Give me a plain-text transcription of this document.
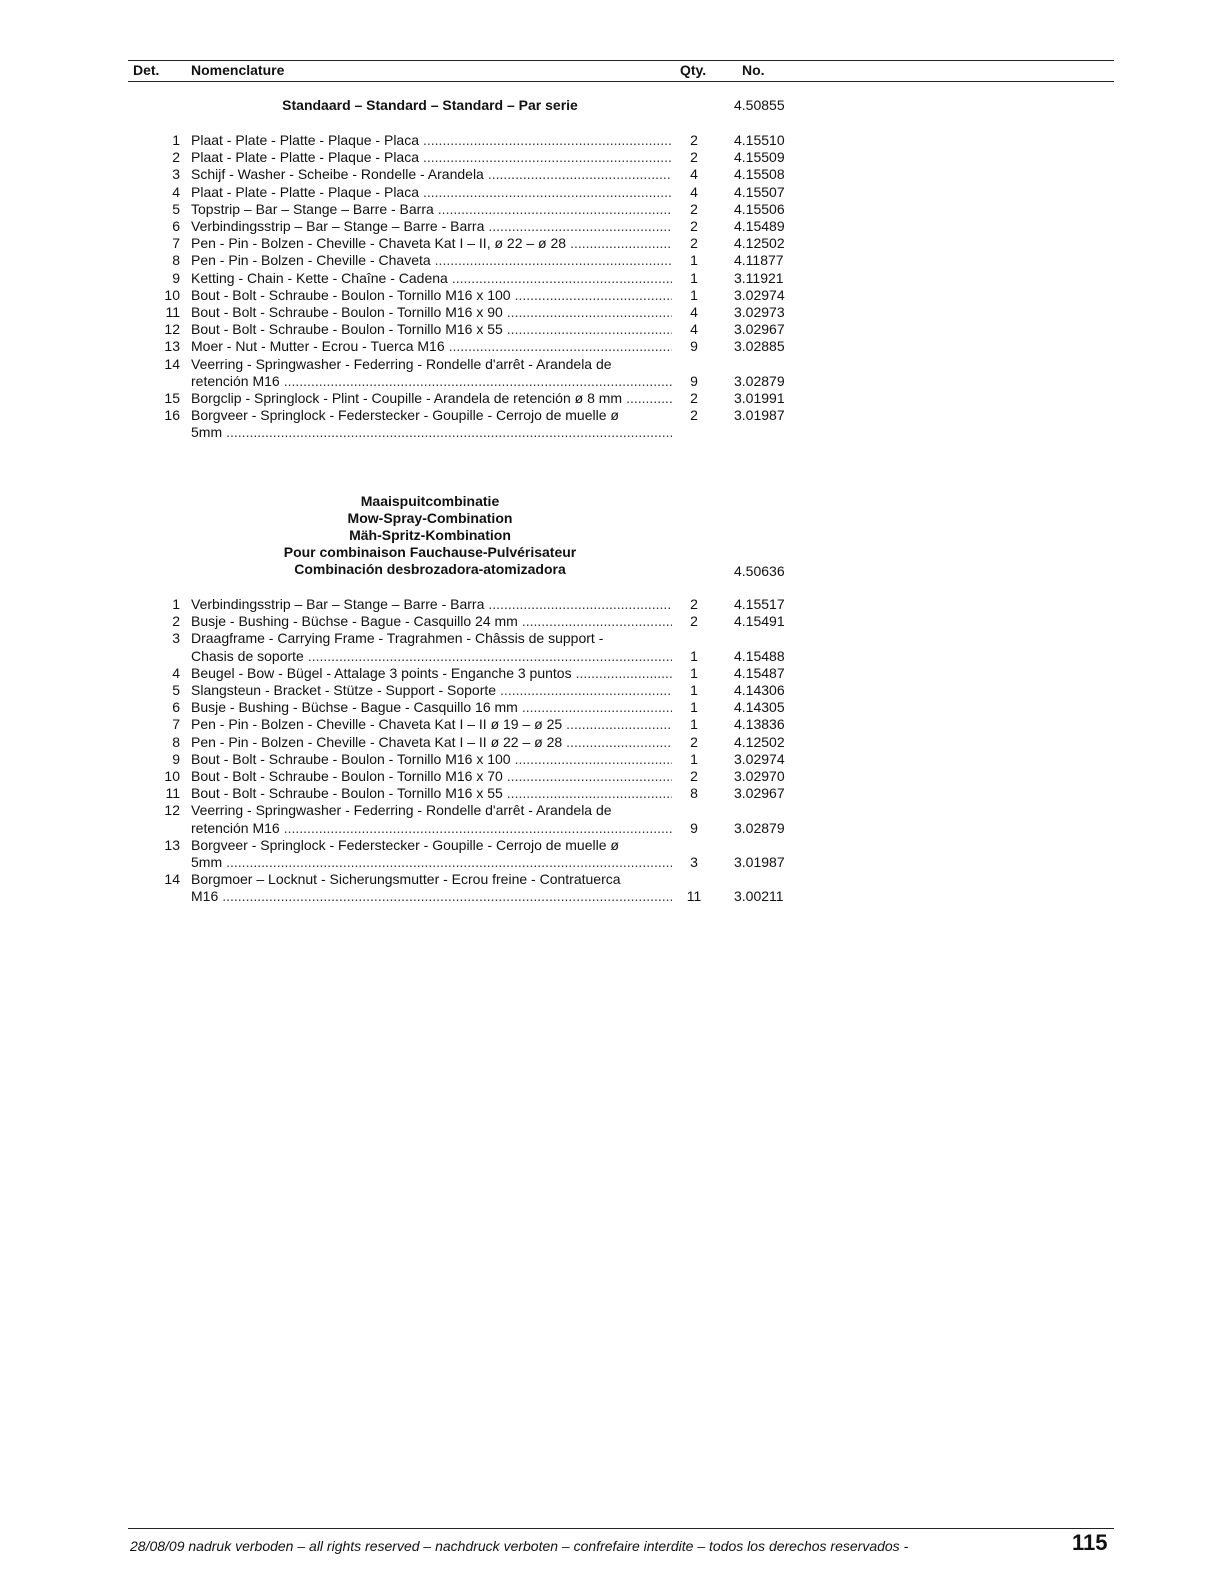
Det. Nomenclature	Qty.	No.
Standaard – Standard – Standard – Par serie	4.50855
1 Plaat - Plate - Platte - Plaque - Placa .....	2	4.15510
2 Plaat - Plate - Platte - Plaque - Placa .....	2	4.15509
3 Schijf - Washer - Scheibe - Rondelle - Arandela .....	4	4.15508
4 Plaat - Plate - Platte - Plaque - Placa .....	4	4.15507
5 Topstrip – Bar – Stange – Barre - Barra .....	2	4.15506
6 Verbindingsstrip – Bar – Stange – Barre - Barra .....	2	4.15489
7 Pen - Pin - Bolzen - Cheville - Chaveta Kat I – II, ø 22 – ø 28 .....	2	4.12502
8 Pen - Pin - Bolzen - Cheville - Chaveta .....	1	4.11877
9 Ketting - Chain - Kette - Chaîne - Cadena .....	1	3.11921
10 Bout - Bolt - Schraube - Boulon - Tornillo M16 x 100 .....	1	3.02974
11 Bout - Bolt - Schraube - Boulon - Tornillo M16 x 90 .....	4	3.02973
12 Bout - Bolt - Schraube - Boulon - Tornillo M16 x 55 .....	4	3.02967
13 Moer - Nut - Mutter - Ecrou - Tuerca M16 .....	9	3.02885
14 Veerring - Springwasher - Federring - Rondelle d'arrêt - Arandela de
retención M16 .....	9	3.02879
15 Borgclip - Springlock - Plint - Coupille - Arandela de retención ø 8 mm .....	2	3.01991
16 Borgveer - Springlock - Federstecker - Goupille - Cerrojo de muelle ø
5mm
.....
2	3.01987
Maaispuitcombinatie
Mow-Spray-Combination
Mäh-Spritz-Kombination
Pour combinaison Fauchause-Pulvérisateur
Combinación desbrozadora-atomizadora	4.50636
1 Verbindingsstrip – Bar – Stange – Barre - Barra .....	2	4.15517
2 Busje - Bushing - Büchse - Bague - Casquillo 24 mm .....	2	4.15491
3 Draagframe - Carrying Frame - Tragrahmen - Châssis de support -
Chasis de soporte .....	1	4.15488
4 Beugel - Bow - Bügel - Attalage 3 points - Enganche 3 puntos .....	1	4.15487
5 Slangsteun - Bracket - Stütze - Support - Soporte .....	1	4.14306
6 Busje - Bushing - Büchse - Bague - Casquillo 16 mm .....	1	4.14305
7 Pen - Pin - Bolzen - Cheville - Chaveta Kat I – II ø 19 – ø 25 .....	1	4.13836
8 Pen - Pin - Bolzen - Cheville - Chaveta Kat I – II ø 22 – ø 28 .....	2	4.12502
9 Bout - Bolt - Schraube - Boulon - Tornillo M16 x 100 .....	1	3.02974
10 Bout - Bolt - Schraube - Boulon - Tornillo M16 x 70 .....	2	3.02970
11 Bout - Bolt - Schraube - Boulon - Tornillo M16 x 55 .....	8	3.02967
12 Veerring - Springwasher - Federring - Rondelle d'arrêt - Arandela de
retención M16 .....	9	3.02879
13 Borgveer - Springlock - Federstecker - Goupille - Cerrojo de muelle ø
5mm .....	3	3.01987
14 Borgmoer – Locknut - Sicherungsmutter - Ecrou freine - Contratuerca
M16 .....	11 3.00211
28/08/09 nadruk verboden – all rights reserved – nachdruck verboten – confrefaire interdite – todos los derechos reservados -	115
